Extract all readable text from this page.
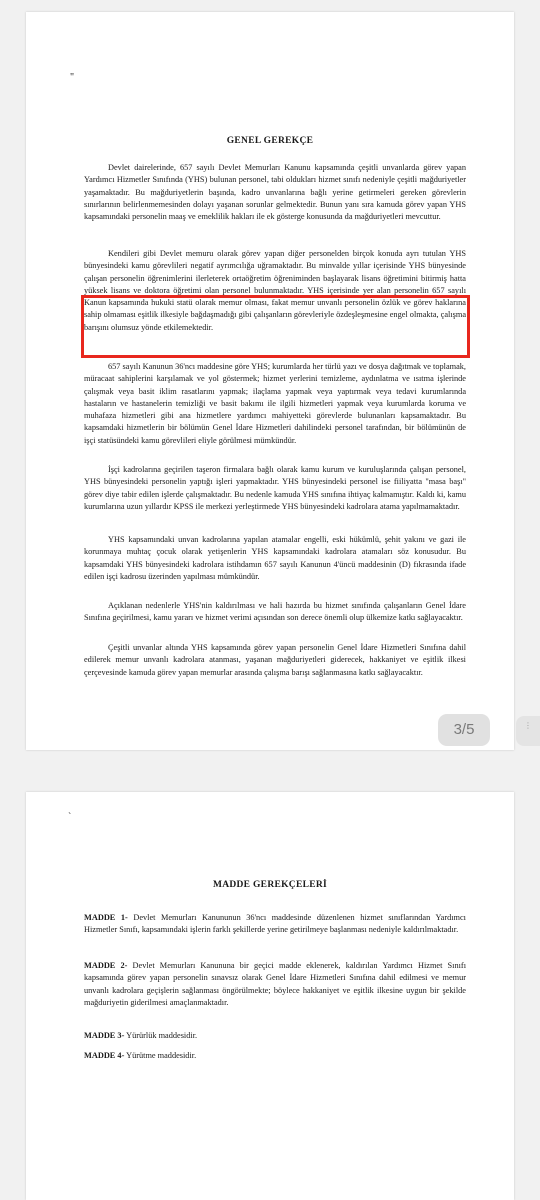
"
GENEL GEREKÇE

Devlet dairelerinde, 657 sayılı Devlet Memurları Kanunu kapsamında çeşitli unvanlarda görev yapan Yardımcı Hizmetler Sınıfında (YHS) bulunan personel, tabi oldukları hizmet sınıfı nedeniyle çeşitli mağduriyetler yaşamaktadır. Bu mağduriyetlerin başında, kadro unvanlarına bağlı yerine getirmeleri gereken görevlerin sınırlarının belirlenmemesinden dolayı yaşanan sorunlar gelmektedir. Bunun yanı sıra kamuda görev yapan YHS kapsamındaki personelin maaş ve emeklilik hakları ile ek gösterge konusunda da mağduriyetleri mevcuttur.

Kendileri gibi Devlet memuru olarak görev yapan diğer personelden birçok konuda ayrı tutulan YHS bünyesindeki kamu görevlileri negatif ayrımcılığa uğramaktadır. Bu minvalde yıllar içerisinde YHS bünyesinde çalışan personelin öğrenimlerini ilerleterek ortaöğretim öğreniminden başlayarak lisans öğretimini bitirmiş hatta yüksek lisans ve doktora öğretimi olan personel bulunmaktadır. YHS içerisinde yer alan personelin 657 sayılı Kanun kapsamında hukuki statü olarak memur olması, fakat memur unvanlı personelin özlük ve görev haklarına sahip olmaması eşitlik ilkesiyle bağdaşmadığı gibi çalışanların görevleriyle özdeşleşmesine engel olmakta, çalışma barışını olumsuz yönde etkilemektedir.

657 sayılı Kanunun 36'ncı maddesine göre YHS; kurumlarda her türlü yazı ve dosya dağıtmak ve toplamak, müracaat sahiplerini karşılamak ve yol göstermek; hizmet yerlerini temizleme, aydınlatma ve ısıtma işlerinde çalışmak veya basit iklim rasatlarını yapmak; ilaçlama yapmak veya yaptırmak veya tedavi kurumlarında hastaların ve hastanelerin temizliği ve basit bakımı ile ilgili hizmetleri yapmak veya kurumlarda koruma ve muhafaza hizmetleri gibi ana hizmetlere yardımcı mahiyetteki görevlerde bulunanları kapsamaktadır. Bu kapsamdaki hizmetlerin bir bölümün Genel İdare Hizmetleri dahilindeki personel tarafından, bir bölümünün de işçi statüsündeki kamu görevlileri eliyle görülmesi mümkündür.

İşçi kadrolarına geçirilen taşeron firmalara bağlı olarak kamu kurum ve kuruluşlarında çalışan personel, YHS bünyesindeki personelin yaptığı işleri yapmaktadır. YHS bünyesindeki personel ise fiiliyatta "masa başı" görev diye tabir edilen işlerde çalışmaktadır. Bu nedenle kamuda YHS sınıfına ihtiyaç kalmamıştır. Kaldı ki, kamu kurumlarına uzun yıllardır KPSS ile merkezi yerleştirmede YHS bünyesindeki kadrolara atama yapılmamaktadır.

YHS kapsamındaki unvan kadrolarına yapılan atamalar engelli, eski hükümlü, şehit yakını ve gazi ile korunmaya muhtaç çocuk olarak yetişenlerin YHS kapsamındaki kadrolara atamaları söz konusudur. Bu kapsamdaki YHS bünyesindeki kadrolara istihdamın 657 sayılı Kanunun 4'üncü maddesinin (D) fıkrasında ifade edilen işçi kadrosu üzerinden yapılması mümkündür.

Açıklanan nedenlerle YHS'nin kaldırılması ve hali hazırda bu hizmet sınıfında çalışanların Genel İdare Sınıfına geçirilmesi, kamu yararı ve hizmet verimi açısından son derece önemli olup ülkemize katkı sağlayacaktır.

Çeşitli unvanlar altında YHS kapsamında görev yapan personelin Genel İdare Hizmetleri Sınıfına dahil edilerek memur unvanlı kadrolara atanması, yaşanan mağduriyetleri giderecek, hakkaniyet ve eşitlik ilkesi çerçevesinde kamuda görev yapan memurlar arasında çalışma barışı sağlanmasına katkı sağlayacaktır.

3/5	⋮
`
MADDE GEREKÇELERİ

MADDE 1- Devlet Memurları Kanununun 36'ncı maddesinde düzenlenen hizmet sınıflarından Yardımcı Hizmetler Sınıfı, kapsamındaki işlerin farklı şekillerde yerine getirilmeye başlanması nedeniyle kaldırılmaktadır.

MADDE 2- Devlet Memurları Kanununa bir geçici madde eklenerek, kaldırılan Yardımcı Hizmet Sınıfı kapsamında görev yapan personelin sınavsız olarak Genel İdare Hizmetleri Sınıfına dahil edilmesi ve memur unvanlı kadrolara geçişlerin sağlanması öngörülmekte; böylece hakkaniyet ve eşitlik ilkesine uygun bir şekilde mağduriyetin giderilmesi amaçlanmaktadır.

MADDE 3- Yürürlük maddesidir.

MADDE 4- Yürütme maddesidir.
